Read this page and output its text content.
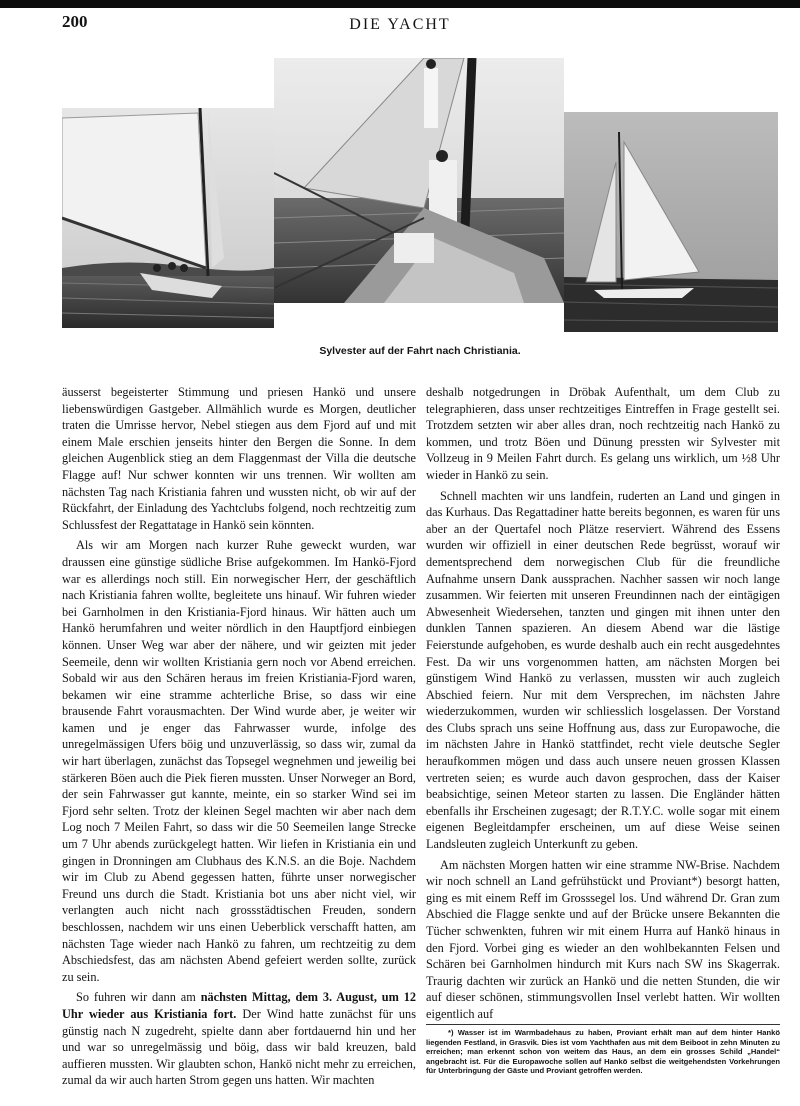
200	DIE YACHT
Sylvester auf der Fahrt nach Christiania.

äusserst begeisterter Stimmung und priesen Hankö und unsere liebenswürdigen Gastgeber. Allmählich wurde es Morgen, deutlicher traten die Umrisse hervor, Nebel stiegen aus dem Fjord auf und mit einem Male erschien jenseits hinter den Bergen die Sonne. In dem gleichen Augenblick stieg an dem Flaggenmast der Villa die deutsche Flagge auf! Nur schwer konnten wir uns trennen. Wir wollten am nächsten Tag nach Kristiania fahren und wussten nicht, ob wir auf der Rückfahrt, der Einladung des Yachtclubs folgend, noch rechtzeitig zum Schlussfest der Regattatage in Hankö sein könnten.

Als wir am Morgen nach kurzer Ruhe geweckt wurden, war draussen eine günstige südliche Brise aufgekommen. Im Hankö-Fjord war es allerdings noch still. Ein norwegischer Herr, der geschäftlich nach Kristiania fahren wollte, begleitete uns hinauf. Wir fuhren wieder bei Garnholmen in den Kristiania-Fjord hinaus. Wir hätten auch um Hankö herumfahren und weiter nördlich in den Hauptfjord einbiegen können. Unser Weg war aber der nähere, und wir geizten mit jeder Seemeile, denn wir wollten Kristiania gern noch vor Abend erreichen. Sobald wir aus den Schären heraus im freien Kristiania-Fjord waren, bekamen wir eine stramme achterliche Brise, so dass wir eine brausende Fahrt vorausmachten. Der Wind wurde aber, je weiter wir kamen und je enger das Fahrwasser wurde, infolge des unregelmässigen Ufers böig und unzuverlässig, so dass wir, zumal da wir hart überlagen, zunächst das Topsegel wegnehmen und jeweilig bei stärkeren Böen auch die Piek fieren mussten. Unser Norweger an Bord, der sein Fahrwasser gut kannte, meinte, ein so starker Wind sei im Fjord sehr selten. Trotz der kleinen Segel machten wir aber nach dem Log noch 7 Meilen Fahrt, so dass wir die 50 Seemeilen lange Strecke um 7 Uhr abends zurückgelegt hatten. Wir liefen in Kristiania ein und gingen in Dronningen am Clubhaus des K.N.S. an die Boje. Nachdem wir im Club zu Abend gegessen hatten, führte unser norwegischer Freund uns durch die Stadt. Kristiania bot uns aber nicht viel, wir verlangten auch nicht nach grossstädtischen Freuden, sondern beschlossen, nachdem wir uns einen Ueberblick verschafft hatten, am nächsten Tage wieder nach Hankö zu fahren, um rechtzeitig zu dem Abschiedsfest, das am nächsten Abend gefeiert werden sollte, zurück zu sein.

So fuhren wir dann am nächsten Mittag, dem 3. August, um 12 Uhr wieder aus Kristiania fort. Der Wind hatte zunächst für uns günstig nach N zugedreht, spielte dann aber fortdauernd hin und her und war so unregelmässig und böig, dass wir bald kreuzen, bald auffieren mussten. Wir glaubten schon, Hankö nicht mehr zu erreichen, zumal da wir auch harten Strom gegen uns hatten. Wir machten

deshalb notgedrungen in Dröbak Aufenthalt, um dem Club zu telegraphieren, dass unser rechtzeitiges Eintreffen in Frage gestellt sei. Trotzdem setzten wir aber alles dran, noch rechtzeitig nach Hankö zu kommen, und trotz Böen und Dünung pressten wir Sylvester mit Vollzeug in 9 Meilen Fahrt durch. Es gelang uns wirklich, um ½8 Uhr wieder in Hankö zu sein.

Schnell machten wir uns landfein, ruderten an Land und gingen in das Kurhaus. Das Regattadiner hatte bereits begonnen, es waren für uns aber an der Quertafel noch Plätze reserviert. Während des Essens wurden wir offiziell in einer deutschen Rede begrüsst, worauf wir dementsprechend dem norwegischen Club für die freundliche Aufnahme unsern Dank aussprachen. Nachher sassen wir noch lange zusammen. Wir feierten mit unseren Freundinnen nach der eintägigen Abwesenheit Wiedersehen, tanzten und gingen mit ihnen unter den dunklen Tannen spazieren. An diesem Abend war die lästige Feierstunde aufgehoben, es wurde deshalb auch ein recht ausgedehntes Fest. Da wir uns vorgenommen hatten, am nächsten Morgen bei günstigem Wind Hankö zu verlassen, mussten wir auch zugleich Abschied feiern. Nur mit dem Versprechen, im nächsten Jahre wiederzukommen, wurden wir schliesslich losgelassen. Der Vorstand des Clubs sprach uns seine Hoffnung aus, dass zur Europawoche, die im nächsten Jahre in Hankö stattfindet, recht viele deutsche Segler heraufkommen mögen und dass auch unsere neuen grossen Klassen vertreten seien; es wurde auch davon gesprochen, dass der Kaiser beabsichtige, seinen Meteor starten zu lassen. Die Engländer hätten ebenfalls ihr Erscheinen zugesagt; der R.T.Y.C. wolle sogar mit einem eigenen Begleitdampfer erscheinen, um auf diese Weise seinen Landsleuten zugleich Unterkunft zu geben.

Am nächsten Morgen hatten wir eine stramme NW-Brise. Nachdem wir noch schnell an Land gefrühstückt und Proviant*) besorgt hatten, ging es mit einem Reff im Grosssegel los. Und während Dr. Gran zum Abschied die Flagge senkte und auf der Brücke unsere Bekannten die Tücher schwenkten, fuhren wir mit einem Hurra auf Hankö hinaus in den Fjord. Vorbei ging es wieder an den wohlbekannten Felsen und Schären bei Garnholmen hindurch mit Kurs nach SW ins Skagerrak. Traurig dachten wir zurück an Hankö und die netten Stunden, die wir auf dieser schönen, stimmungsvollen Insel verlebt hatten. Wir wollten eigentlich auf

*) Wasser ist im Warmbadehaus zu haben, Proviant erhält man auf dem hinter Hankö liegenden Festland, in Grasvik. Dies ist vom Yachthafen aus mit dem Beiboot in zehn Minuten zu erreichen; man erkennt schon von weitem das Haus, an dem ein grosses Schild „Handel“ angebracht ist. Für die Europawoche sollen auf Hankö selbst die weitgehendsten Vorkehrungen für Unterbringung der Gäste und Proviant getroffen werden.
